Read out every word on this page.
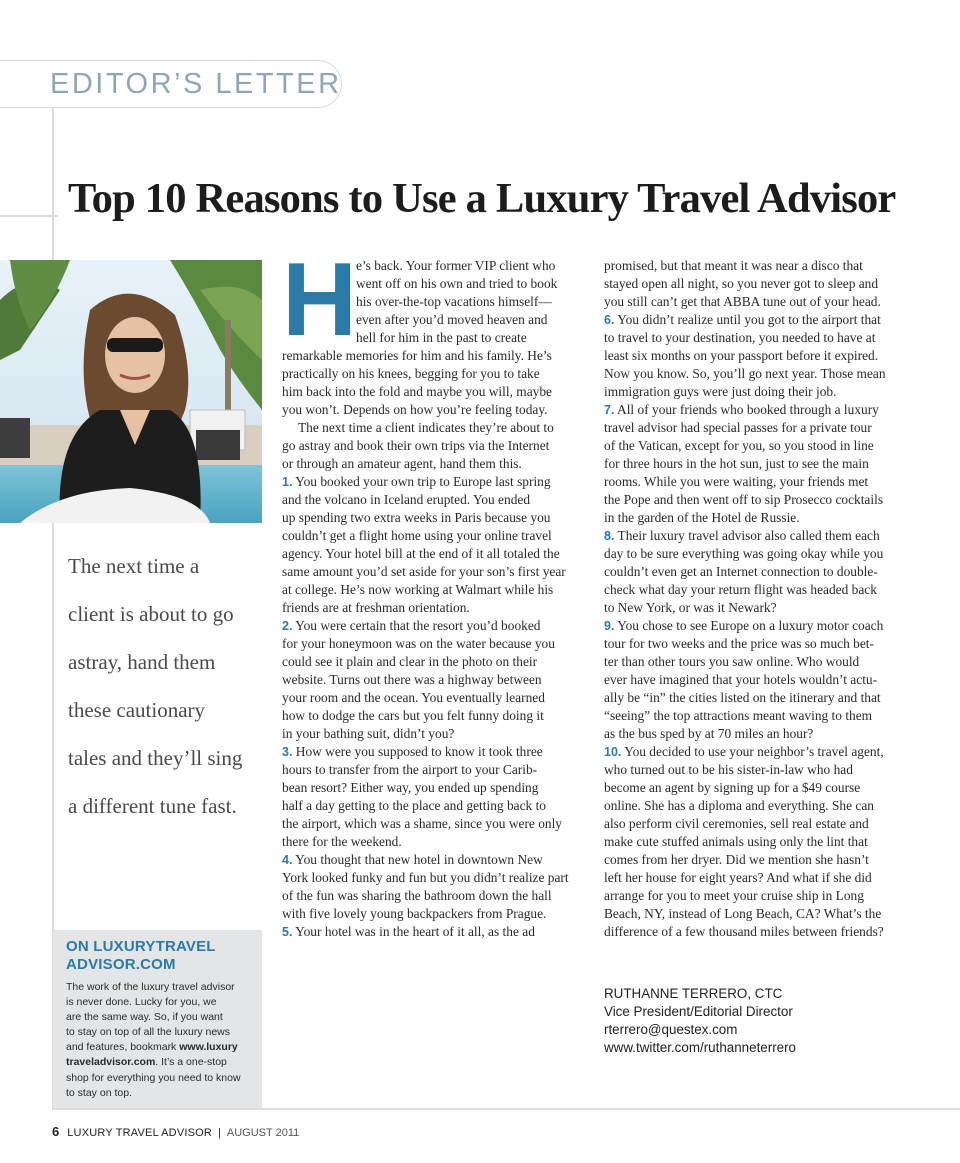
EDITOR’S LETTER
Top 10 Reasons to Use a Luxury Travel Advisor
The next time a
client is about to go
astray, hand them
these cautionary
tales and they’ll sing
a different tune fast.
ON LUXURYTRAVEL
ADVISOR.COM
The work of the luxury travel advisor
is never done. Lucky for you, we
are the same way. So, if you want
to stay on top of all the luxury news
and features, bookmark www.luxury
traveladvisor.com. It’s a one-stop
shop for everything you need to know
to stay on top.
H e’s back. Your former VIP client who
went off on his own and tried to book
his over-the-top vacations himself—
even after you’d moved heaven and
hell for him in the past to create
remarkable memories for him and his family. He’s
practically on his knees, begging for you to take
him back into the fold and maybe you will, maybe
you won’t. Depends on how you’re feeling today.
The next time a client indicates they’re about to
go astray and book their own trips via the Internet
or through an amateur agent, hand them this.
1. You booked your own trip to Europe last spring
and the volcano in Iceland erupted. You ended
up spending two extra weeks in Paris because you
couldn’t get a flight home using your online travel
agency. Your hotel bill at the end of it all totaled the
same amount you’d set aside for your son’s first year
at college. He’s now working at Walmart while his
friends are at freshman orientation.
2. You were certain that the resort you’d booked
for your honeymoon was on the water because you
could see it plain and clear in the photo on their
website. Turns out there was a highway between
your room and the ocean. You eventually learned
how to dodge the cars but you felt funny doing it
in your bathing suit, didn’t you?
3. How were you supposed to know it took three
hours to transfer from the airport to your Carib-
bean resort? Either way, you ended up spending
half a day getting to the place and getting back to
the airport, which was a shame, since you were only
there for the weekend.
4. You thought that new hotel in downtown New
York looked funky and fun but you didn’t realize part
of the fun was sharing the bathroom down the hall
with five lovely young backpackers from Prague.
5. Your hotel was in the heart of it all, as the ad
promised, but that meant it was near a disco that
stayed open all night, so you never got to sleep and
you still can’t get that ABBA tune out of your head.
6. You didn’t realize until you got to the airport that
to travel to your destination, you needed to have at
least six months on your passport before it expired.
Now you know. So, you’ll go next year. Those mean
immigration guys were just doing their job.
7. All of your friends who booked through a luxury
travel advisor had special passes for a private tour
of the Vatican, except for you, so you stood in line
for three hours in the hot sun, just to see the main
rooms. While you were waiting, your friends met
the Pope and then went off to sip Prosecco cocktails
in the garden of the Hotel de Russie.
8. Their luxury travel advisor also called them each
day to be sure everything was going okay while you
couldn’t even get an Internet connection to double-
check what day your return flight was headed back
to New York, or was it Newark?
9. You chose to see Europe on a luxury motor coach
tour for two weeks and the price was so much bet-
ter than other tours you saw online. Who would
ever have imagined that your hotels wouldn’t actu-
ally be “in” the cities listed on the itinerary and that
“seeing” the top attractions meant waving to them
as the bus sped by at 70 miles an hour?
10. You decided to use your neighbor’s travel agent,
who turned out to be his sister-in-law who had
become an agent by signing up for a $49 course
online. She has a diploma and everything. She can
also perform civil ceremonies, sell real estate and
make cute stuffed animals using only the lint that
comes from her dryer. Did we mention she hasn’t
left her house for eight years? And what if she did
arrange for you to meet your cruise ship in Long
Beach, NY, instead of Long Beach, CA? What’s the
difference of a few thousand miles between friends?
RUTHANNE TERRERO, CTC
Vice President/Editorial Director
rterrero@questex.com
www.twitter.com/ruthanneterrero
6 LUXURY TRAVEL ADVISOR | AUGUST 2011
